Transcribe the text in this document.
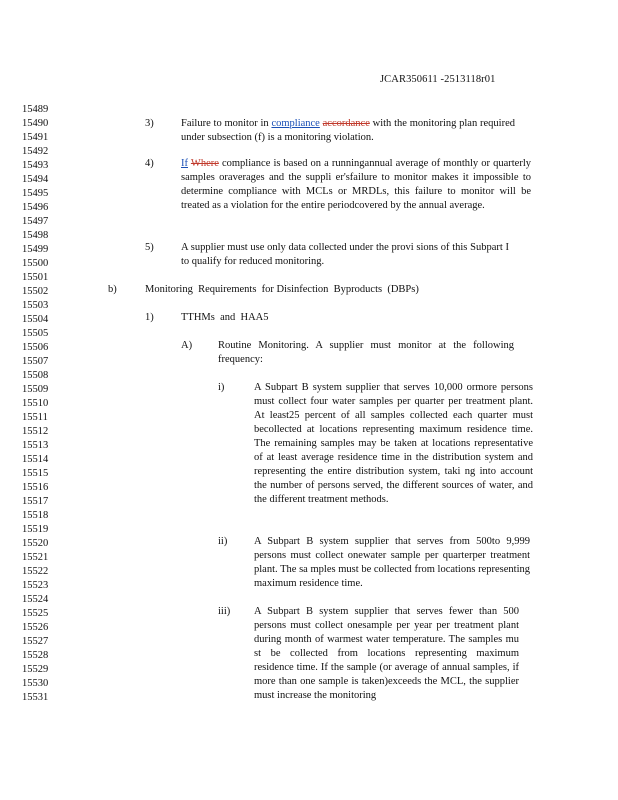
JCAR350611 -2513118r01
15489
15490
15491
15492
15493
15494
15495
15496
15497
15498
15499
15500
15501
15502
15503
15504
15505
15506
15507
15508
15509
15510
15511
15512
15513
15514
15515
15516
15517
15518
15519
15520
15521
15522
15523
15524
15525
15526
15527
15528
15529
15530
15531
3)	Failure to monitor in compliance accordance with the monitoring plan required under subsection (f) is a monitoring violation.
4)	If Where compliance is based on a runningannual average of monthly or quarterly samples oraverages and the suppli er'sfailure to monitor makes it impossible to determine compliance with MCLs or MRDLs, this failure to monitor will be treated as a violation for the entire periodcovered by the annual average.
5)	A supplier must use only data collected under the provi sions of this Subpart I to qualify for reduced monitoring.
b)	Monitoring  Requirements  for Disinfection  Byproducts  (DBPs)
1)	TTHMs  and  HAA5
A) Routine Monitoring. A supplier must monitor at the following frequency:
i)	A Subpart B system supplier that serves 10,000 ormore persons must collect four water samples per quarter per treatment plant. At least25 percent of all samples collected each quarter must becollected at locations representing maximum residence time. The remaining samples may be taken at locations representative of at least average residence time in the distribution system and representing the entire distribution system, taki ng into account the number of persons served, the different sources of water, and the different treatment methods.
ii)	A Subpart B system supplier that serves from 500to 9,999 persons must collect onewater sample per quarterper treatment plant. The sa mples must be collected from locations representing maximum residence time.
iii) A Subpart B system supplier that serves fewer than 500 persons must collect onesample per year per treatment plant during month of warmest water temperature. The samples mu st be collected from locations representing maximum residence time. If the sample (or average of annual samples, if more than one sample is taken)exceeds the MCL, the supplier must increase the monitoring
